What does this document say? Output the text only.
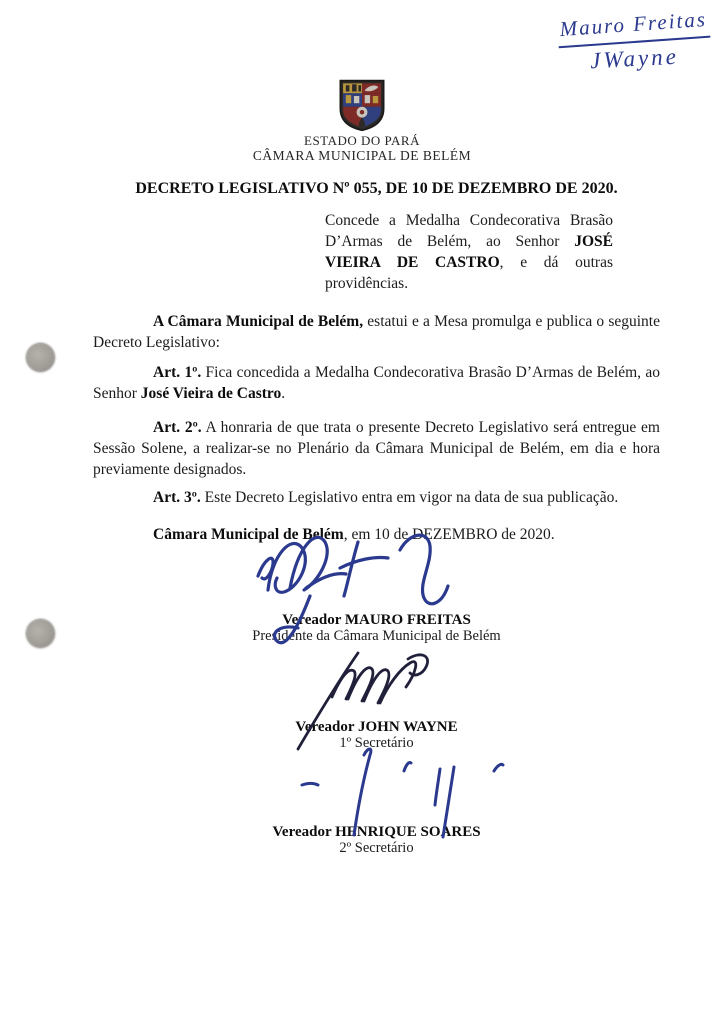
Mauro Freitas
JWayne
ESTADO DO PARÁ
CÂMARA MUNICIPAL DE BELÉM
DECRETO LEGISLATIVO Nº 055, DE 10 DE DEZEMBRO DE 2020.
Concede a Medalha Condecorativa Brasão D’Armas de Belém, ao Senhor JOSÉ VIEIRA DE CASTRO, e dá outras providências.

A Câmara Municipal de Belém, estatui e a Mesa promulga e publica o seguinte Decreto Legislativo:

Art. 1º. Fica concedida a Medalha Condecorativa Brasão D’Armas de Belém, ao Senhor José Vieira de Castro.

Art. 2º. A honraria de que trata o presente Decreto Legislativo será entregue em Sessão Solene, a realizar-se no Plenário da Câmara Municipal de Belém, em dia e hora previamente designados.

Art. 3º. Este Decreto Legislativo entra em vigor na data de sua publicação.

Câmara Municipal de Belém, em 10 de DEZEMBRO de 2020.

Vereador MAURO FREITAS
Presidente da Câmara Municipal de Belém
Vereador JOHN WAYNE
1º Secretário
Vereador HENRIQUE SOARES
2º Secretário
